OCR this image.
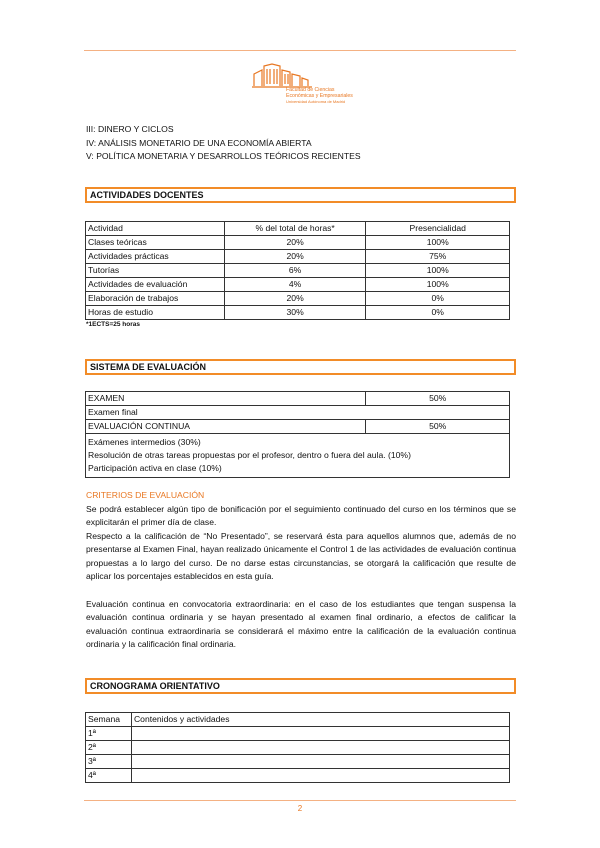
Facultad de Ciencias
Económicas y Empresariales
Universidad Autónoma de Madrid
III: DINERO Y CICLOS
IV: ANÁLISIS MONETARIO DE UNA ECONOMÍA ABIERTA
V: POLÍTICA MONETARIA Y DESARROLLOS TEÓRICOS RECIENTES
ACTIVIDADES DOCENTES
Actividad	% del total de horas*	Presencialidad
Clases teóricas	20%	100%
Actividades prácticas	20%	75%
Tutorías	6%	100%
Actividades de evaluación	4%	100%
Elaboración de trabajos	20%	0%
Horas de estudio	30%	0%
*1ECTS=25 horas
SISTEMA DE EVALUACIÓN
EXAMEN	50%
Examen final	
EVALUACIÓN CONTINUA	50%

Exámenes intermedios (30%)
Resolución de otras tareas propuestas por el profesor, dentro o fuera del aula. (10%)
Participación activa en clase (10%)	
CRITERIOS DE EVALUACIÓN
Se podrá establecer algún tipo de bonificación por el seguimiento continuado del curso en los términos que se explicitarán el primer día de clase.
Respecto a la calificación de “No Presentado”, se reservará ésta para aquellos alumnos que, además de no presentarse al Examen Final, hayan realizado únicamente el Control 1 de las actividades de evaluación continua propuestas a lo largo del curso. De no darse estas circunstancias, se otorgará la calificación que resulte de aplicar los porcentajes establecidos en esta guía.
Evaluación continua en convocatoria extraordinaria: en el caso de los estudiantes que tengan suspensa la evaluación continua ordinaria y se hayan presentado al examen final ordinario, a efectos de calificar la evaluación continua extraordinaria se considerará el máximo entre la calificación de la evaluación continua ordinaria y la calificación final ordinaria.
CRONOGRAMA ORIENTATIVO
Semana	Contenidos y actividades
1ª	
2ª	
3ª	
4ª	
2
